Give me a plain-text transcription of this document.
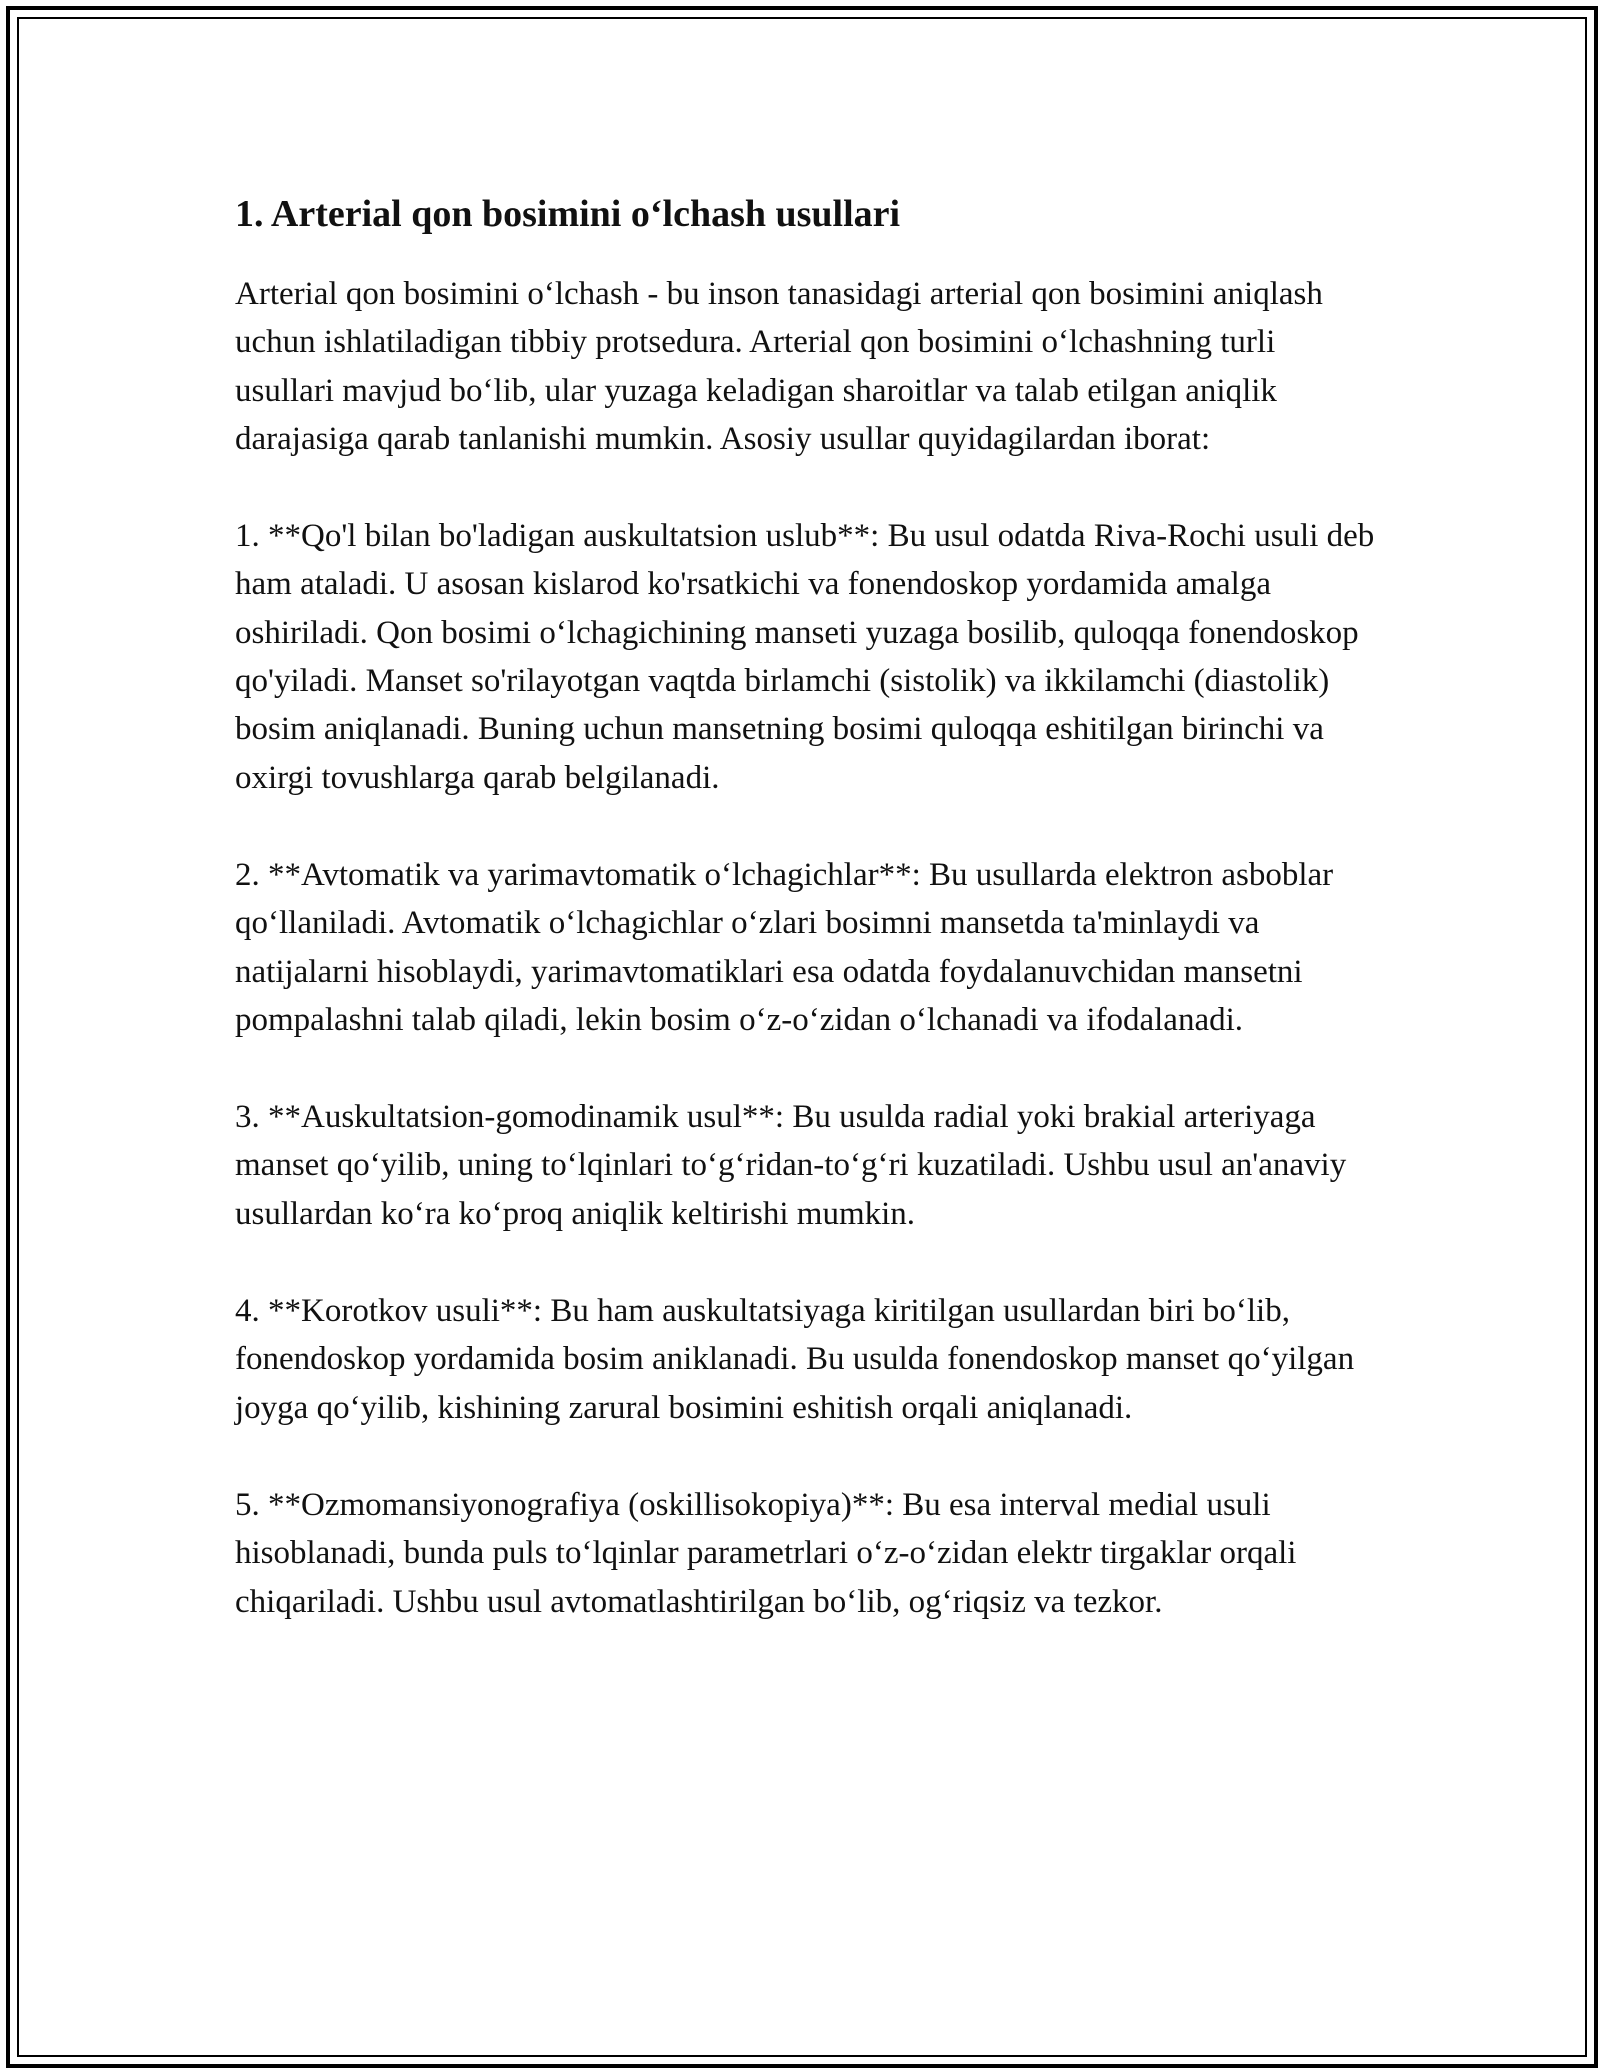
1. Arterial qon bosimini o‘lchash usullari

Arterial qon bosimini o‘lchash - bu inson tanasidagi arterial qon bosimini aniqlash uchun ishlatiladigan tibbiy protsedura. Arterial qon bosimini o‘lchashning turli usullari mavjud bo‘lib, ular yuzaga keladigan sharoitlar va talab etilgan aniqlik darajasiga qarab tanlanishi mumkin. Asosiy usullar quyidagilardan iborat:

1. **Qo'l bilan bo'ladigan auskultatsion uslub**: Bu usul odatda Riva-Rochi usuli deb ham ataladi. U asosan kislarod ko'rsatkichi va fonendoskop yordamida amalga oshiriladi. Qon bosimi o‘lchagichining manseti yuzaga bosilib, quloqqa fonendoskop qo'yiladi. Manset so'rilayotgan vaqtda birlamchi (sistolik) va ikkilamchi (diastolik) bosim aniqlanadi. Buning uchun mansetning bosimi quloqqa eshitilgan birinchi va oxirgi tovushlarga qarab belgilanadi.

2. **Avtomatik va yarimavtomatik o‘lchagichlar**: Bu usullarda elektron asboblar qo‘llaniladi. Avtomatik o‘lchagichlar o‘zlari bosimni mansetda ta'minlaydi va natijalarni hisoblaydi, yarimavtomatiklari esa odatda foydalanuvchidan mansetni pompalashni talab qiladi, lekin bosim o‘z-o‘zidan o‘lchanadi va ifodalanadi.

3. **Auskultatsion-gomodinamik usul**: Bu usulda radial yoki brakial arteriyaga manset qo‘yilib, uning to‘lqinlari to‘g‘ridan-to‘g‘ri kuzatiladi. Ushbu usul an'anaviy usullardan ko‘ra ko‘proq aniqlik keltirishi mumkin.

4. **Korotkov usuli**: Bu ham auskultatsiyaga kiritilgan usullardan biri bo‘lib, fonendoskop yordamida bosim aniklanadi. Bu usulda fonendoskop manset qo‘yilgan joyga qo‘yilib, kishining zarural bosimini eshitish orqali aniqlanadi.

5. **Ozmomansiyonografiya (oskillisokopiya)**: Bu esa interval medial usuli hisoblanadi, bunda puls to‘lqinlar parametrlari o‘z-o‘zidan elektr tirgaklar orqali chiqariladi. Ushbu usul avtomatlashtirilgan bo‘lib, og‘riqsiz va tezkor.
